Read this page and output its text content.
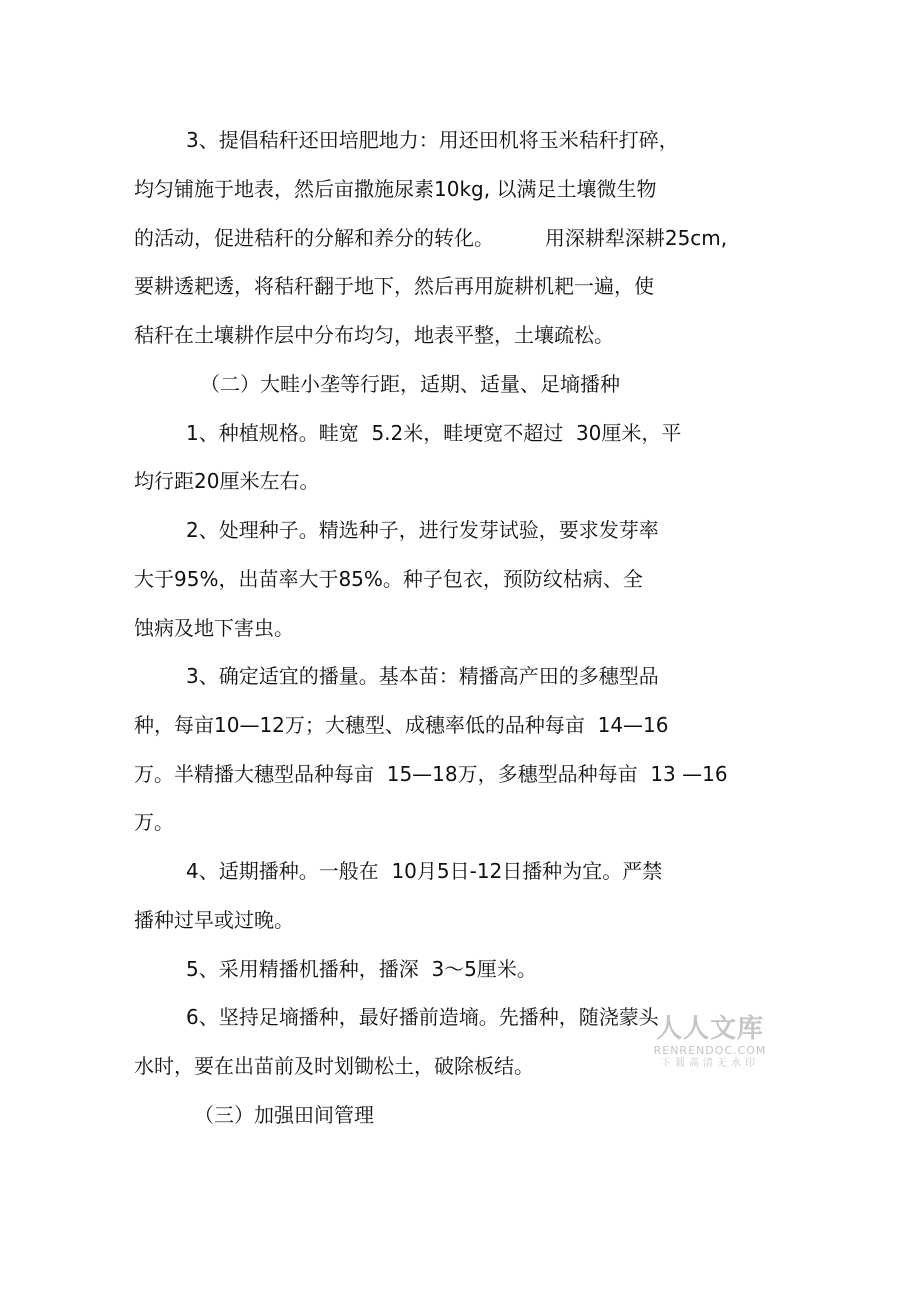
3、提倡秸秆还田培肥地力：用还田机将玉米秸秆打碎，
均匀铺施于地表，然后亩撒施尿素10kg, 以满足土壤微生物
的活动，促进秸秆的分解和养分的转化。        用深耕犁深耕25cm,
要耕透耙透，将秸秆翻于地下，然后再用旋耕机耙一遍，使
秸秆在土壤耕作层中分布均匀，地表平整，土壤疏松。
（二）大畦小垄等行距，适期、适量、足墒播种
1、种植规格。畦宽  5.2米，畦埂宽不超过  30厘米，平
均行距20厘米左右。
2、处理种子。精选种子，进行发芽试验，要求发芽率
大于95%，出苗率大于85%。种子包衣，预防纹枯病、全
蚀病及地下害虫。
3、确定适宜的播量。基本苗：精播高产田的多穗型品
种，每亩10—12万；大穗型、成穗率低的品种每亩  14—16
万。半精播大穗型品种每亩  15—18万，多穗型品种每亩  13 —16
万。
4、适期播种。一般在  10月5日-12日播种为宜。严禁
播种过早或过晚。
5、采用精播机播种，播深  3～5厘米。
6、坚持足墒播种，最好播前造墒。先播种，随浇蒙头
水时，要在出苗前及时划锄松土，破除板结。
（三）加强田间管理
人人文库
RENRENDOC.COM
下载高清无水印
